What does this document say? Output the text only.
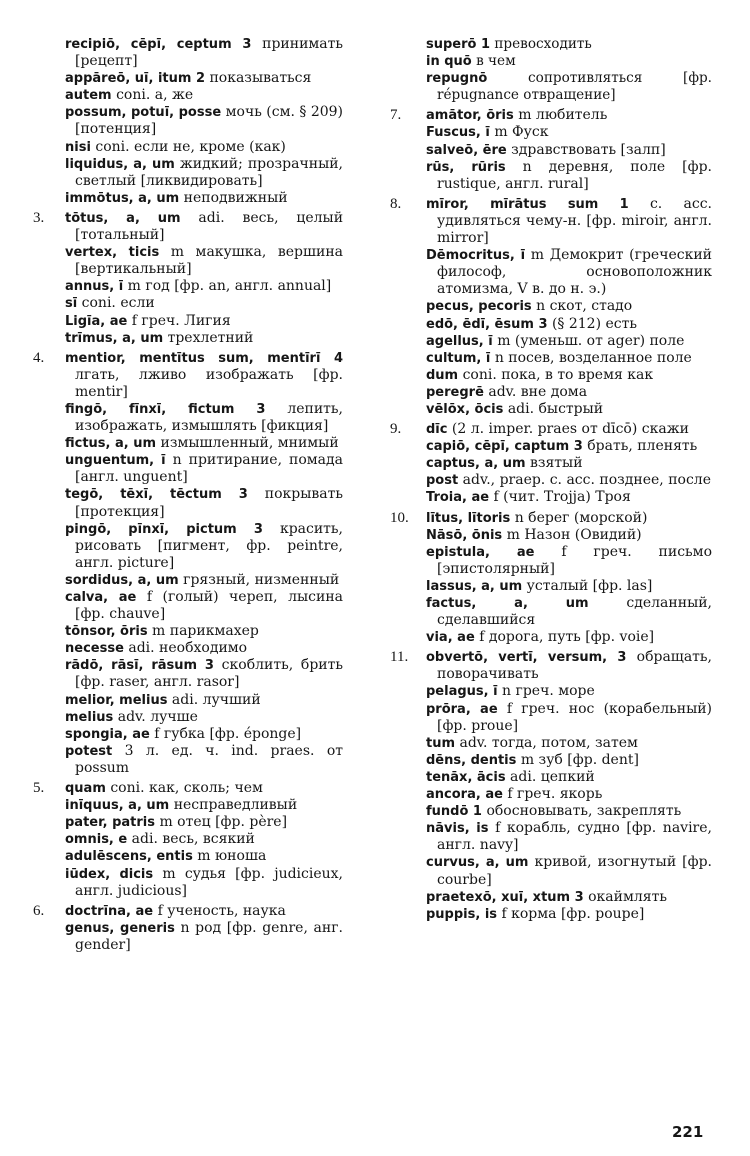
recipiō, cēpī, ceptum 3 принимать [рецепт]
appāreō, uī, itum 2 показываться
autem coni. а, же
possum, potuī, posse мочь (см. § 209) [потенция]
nisi coni. если не, кроме (как)
liquidus, a, um жидкий; прозрачный, светлый [ликвидировать]
immōtus, a, um неподвижный
3. tōtus, a, um adi. весь, целый [тотальный]
vertex, ticis m макушка, вершина [вертикальный]
annus, ī m год [фр. an, англ. annual]
sī coni. если
Ligīa, ae f греч. Лигия
trīmus, a, um трехлетний
4. mentior, mentītus sum, mentīrī 4 лгать, лживо изображать [фр. mentir]
fingō, fīnxī, fictum 3 лепить, изображать, измышлять [фикция]
fictus, a, um измышленный, мнимый
unguentum, ī n притирание, помада [англ. unguent]
tegō, tēxī, tēctum 3 покрывать [протекция]
pingō, pīnxī, pictum 3 красить, рисовать [пигмент, фр. peintre, англ. picture]
sordidus, a, um грязный, низменный
calva, ae f (голый) череп, лысина [фр. chauve]
tōnsor, ōris m парикмахер
necesse adi. необходимо
rādō, rāsī, rāsum 3 скоблить, брить [фр. raser, англ. rasor]
melior, melius adi. лучший
melius adv. лучше
spongia, ae f губка [фр. éponge]
potest 3 л. ед. ч. ind. praes. от possum
5. quam coni. как, сколь; чем
inīquus, a, um несправедливый
pater, patris m отец [фр. père]
omnis, e adi. весь, всякий
adulēscens, entis m юноша
iūdex, dicis m судья [фр. judicieux, англ. judicious]
6. doctrīna, ae f ученость, наука
genus, generis n род [фр. genre, анг. gender]
superō 1 превосходить
in quō в чем
repugnō	сопротивляться [фр. répugnance отвращение]
7. amātor, ōris m любитель
Fuscus, ī m Фуск
salveō, ēre здравствовать [залп]
rūs, rūris n деревня, поле [фр. rustique, англ. rural]
8. mīror, mīrātus sum 1 c. acc. удивляться чему-н. [фр. miroir, англ. mirror]
Dēmocritus, ī m Демокрит (греческий философ, основоположник атомизма, V в. до н. э.)
pecus, pecoris n скот, стадо
edō, ēdī, ēsum 3 (§ 212) есть
agellus, ī m (уменьш. от ager) поле
cultum, ī n посев, возделанное поле
dum coni. пока, в то время как
peregrē adv. вне дома
vēlōx, ōcis adi. быстрый
9. dīc (2 л. imper. praes от dīcō) скажи
capiō, cēpī, captum 3 брать, пленять
captus, a, um взятый
post adv., praep. c. acc. позднее, после
Troia, ae f (чит. Trojja) Троя
10. lītus, lītoris n берег (морской)
Nāsō, ōnis m Назон (Овидий)
epistula, ae f греч. письмо [эпистолярный]
lassus, a, um усталый [фр. las]
factus, a, um	сделанный, сделавшийся
via, ae f дорога, путь [фр. voie]
11. obvertō, vertī, versum, 3 обращать, поворачивать
pelagus, ī n греч. море
prōra, ae f греч. нос (корабельный) [фр. proue]
tum adv. тогда, потом, затем
dēns, dentis m зуб [фр. dent]
tenāx, ācis adi. цепкий
ancora, ae f греч. якорь
fundō 1 обосновывать, закреплять
nāvis, is f корабль, судно [фр. navire, англ. navy]
curvus, a, um кривой, изогнутый [фр. courbe]
praetexō, xuī, xtum 3 окаймлять
puppis, is f корма [фр. poupe]
221
